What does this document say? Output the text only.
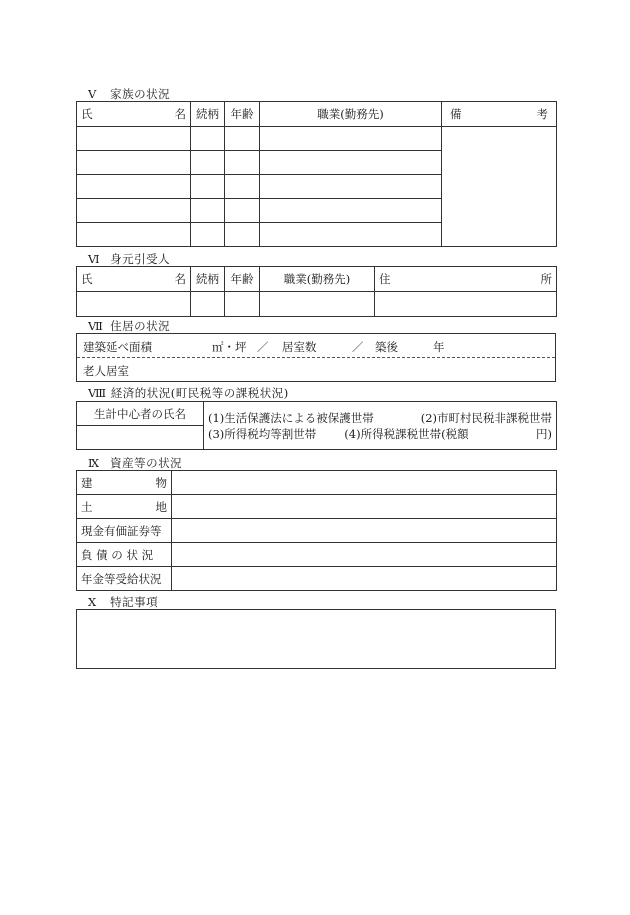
Ⅴ 家族の状況
氏 名	続柄	年齢	職業(勤務先)	備 考

Ⅵ 身元引受人
氏 名	続柄	年齢	職業(勤務先)	住 所

Ⅶ 住居の状況
建築延べ面積	㎡・坪 ／ 居室数	／ 築後	年
老人居室
Ⅷ 経済的状況(町民税等の課税状況)
生計中心者の氏名	(1)生活保護法による被保護世帯	(2)市町村民税非課税世帯
(3)所得税均等割世帯 (4)所得税課税世帯(税額	円)

Ⅸ 資産等の状況
建 物	

土 地	

現金有価証券等	
負 債 の 状 況	
年金等受給状況	
Ⅹ 特記事項
